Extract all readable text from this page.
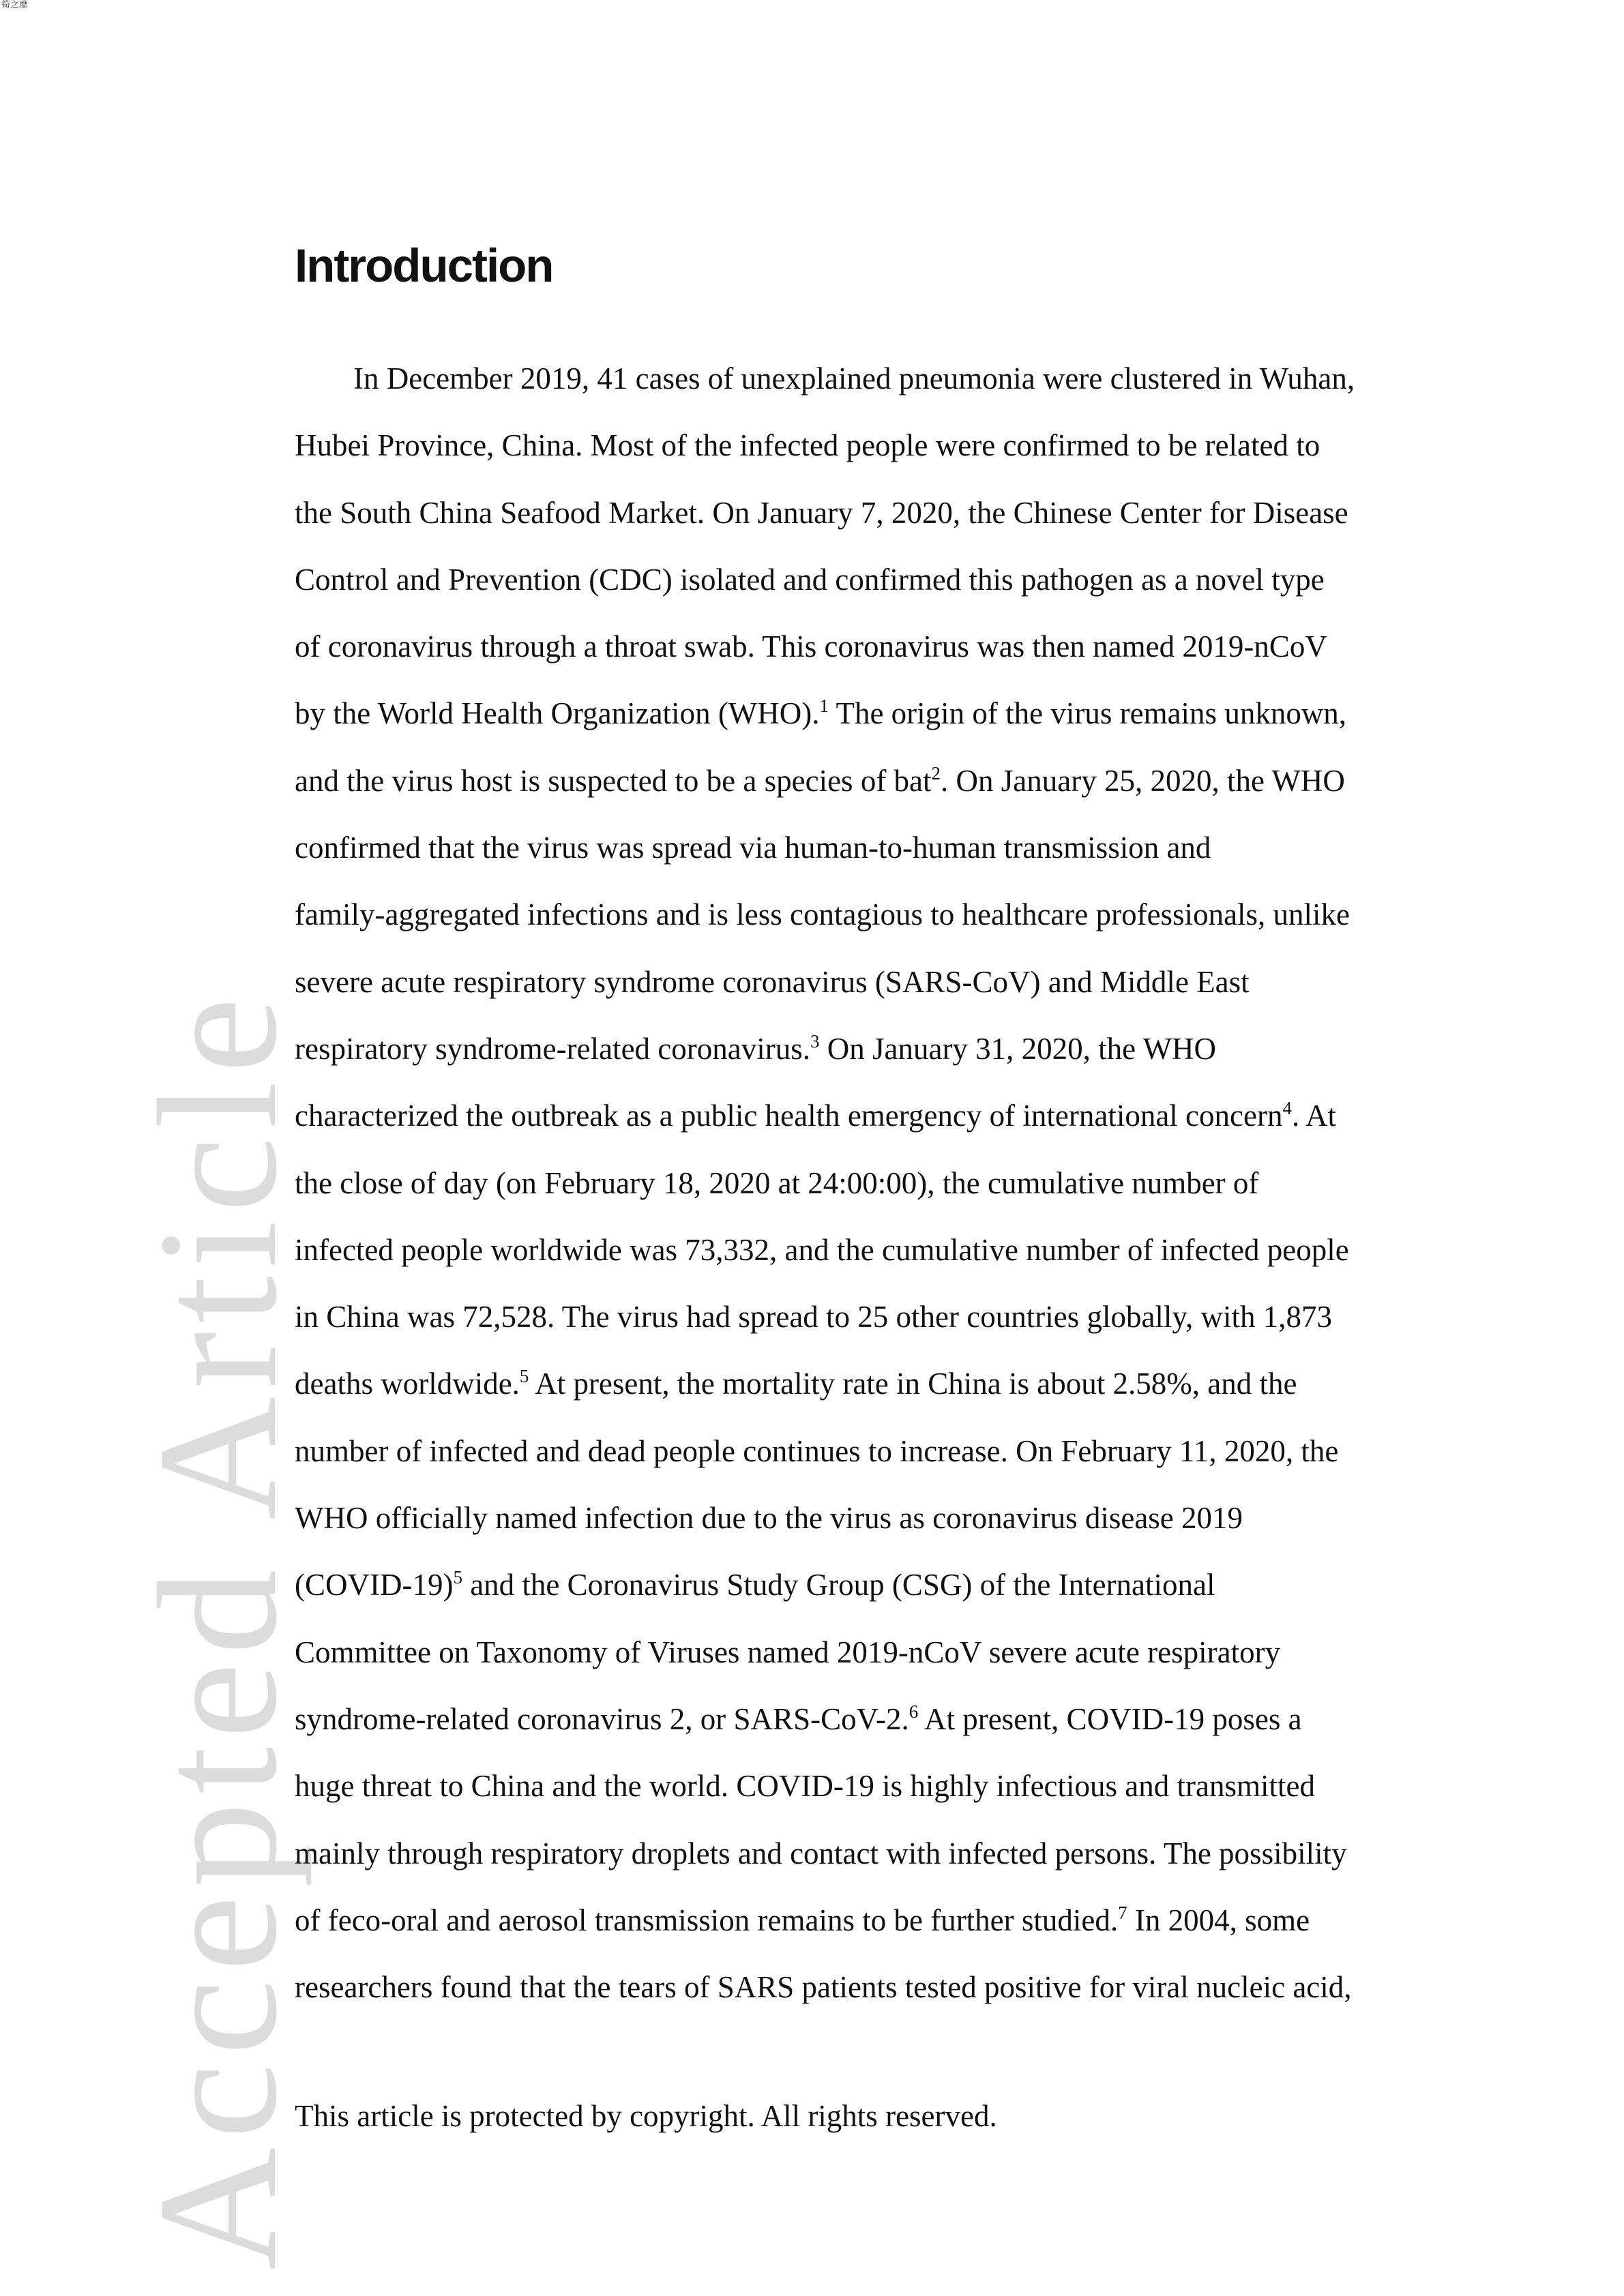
筍之靡
Accepted Article
Introduction
In December 2019, 41 cases of unexplained pneumonia were clustered in Wuhan,
Hubei Province, China. Most of the infected people were confirmed to be related to
the South China Seafood Market. On January 7, 2020, the Chinese Center for Disease
Control and Prevention (CDC) isolated and confirmed this pathogen as a novel type
of coronavirus through a throat swab. This coronavirus was then named 2019-nCoV
by the World Health Organization (WHO).$^1$ The origin of the virus remains unknown,
and the virus host is suspected to be a species of bat$^2$. On January 25, 2020, the WHO
confirmed that the virus was spread via human-to-human transmission and
family-aggregated infections and is less contagious to healthcare professionals, unlike
severe acute respiratory syndrome coronavirus (SARS-CoV) and Middle East
respiratory syndrome-related coronavirus.$^3$ On January 31, 2020, the WHO
characterized the outbreak as a public health emergency of international concern$^4$. At
the close of day (on February 18, 2020 at 24:00:00), the cumulative number of
infected people worldwide was 73,332, and the cumulative number of infected people
in China was 72,528. The virus had spread to 25 other countries globally, with 1,873
deaths worldwide.$^5$ At present, the mortality rate in China is about 2.58%, and the
number of infected and dead people continues to increase. On February 11, 2020, the
WHO officially named infection due to the virus as coronavirus disease 2019
(COVID-19)$^5$ and the Coronavirus Study Group (CSG) of the International
Committee on Taxonomy of Viruses named 2019-nCoV severe acute respiratory
syndrome-related coronavirus 2, or SARS-CoV-2.$^6$ At present, COVID-19 poses a
huge threat to China and the world. COVID-19 is highly infectious and transmitted
mainly through respiratory droplets and contact with infected persons. The possibility
of feco-oral and aerosol transmission remains to be further studied.$^7$ In 2004, some
researchers found that the tears of SARS patients tested positive for viral nucleic acid,

This article is protected by copyright. All rights reserved.
